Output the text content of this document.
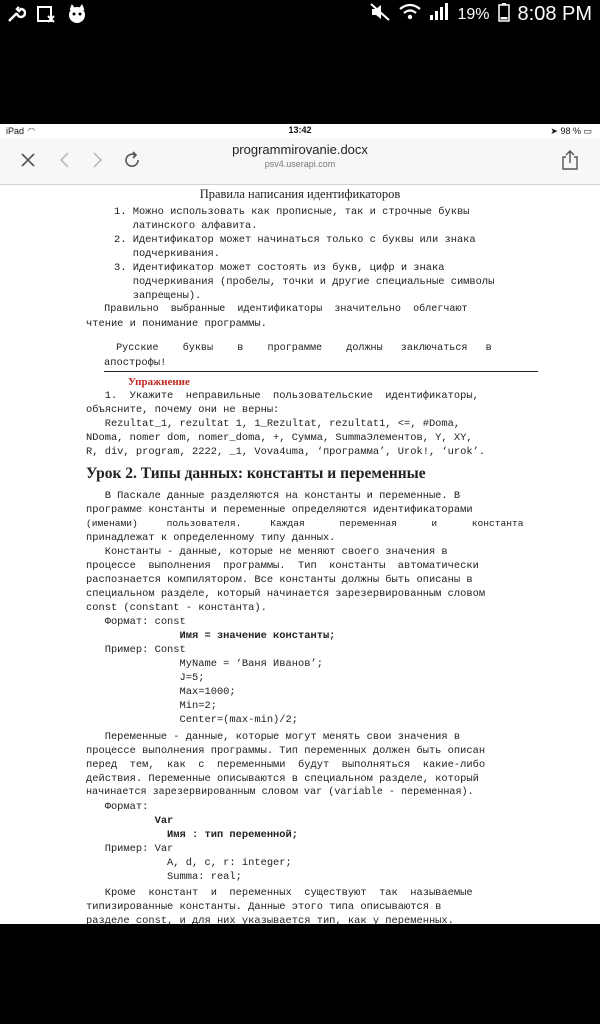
19% 8:08 PM
iPad ◠	13:42	➤ 98 % ▭
programmirovanie.docx
psv4.userapi.com
Правила написания идентификаторов
1. Можно использовать как прописные, так и строчные буквы
латинского алфавита.
2. Идентификатор может начинаться только с буквы или знака
подчеркивания.
3. Идентификатор может состоять из букв, цифр и знака
подчеркивания (пробелы, точки и другие специальные символы
запрещены).
Правильно  выбранные  идентификаторы  значительно  облегчают
чтение и понимание программы.
Русские    буквы    в    программе    должны   заключаться   в
апострофы!
Упражнение
1.  Укажите  неправильные  пользовательские  идентификаторы,
объясните, почему они не верны:
Rezultat_1, rezultat 1, 1_Rezultat, rezultat1, <=, #Doma,
NDoma, nomer dom, nomer_doma, +, Сумма, SummaЭлементов, Y, XY,
R, div, program, 2222, _1, Vova4uma, ‘программа’, Urok!, ‘urok’.
Урок 2. Типы данных: константы и переменные
В Паскале данные разделяются на константы и переменные. В
программе константы и переменные определяются идентификаторами
(именами)     пользователя.     Каждая      переменная      и      константа
принадлежат к определенному типу данных.
Константы - данные, которые не меняют своего значения в
процессе  выполнения  программы.  Тип  константы  автоматически
распознается компилятором. Все константы должны быть описаны в
специальном разделе, который начинается зарезервированным словом
const (constant - константа).
Формат: const
Имя = значение константы;
Пример: Const
MyName = ‘Ваня Иванов’;
J=5;
Max=1000;
Min=2;
Center=(max-min)/2;
Переменные - данные, которые могут менять свои значения в
процессе выполнения программы. Тип переменных должен быть описан
перед  тем,  как  с  переменными  будут  выполняться  какие-либо
действия. Переменные описываются в специальном разделе, который
начинается зарезервированным словом var (variable - переменная).
Формат:
Var
Имя : тип переменной;
Пример: Var
A, d, c, r: integer;
Summa: real;
Кроме  констант  и  переменных  существуют  так  называемые
типизированные константы. Данные этого типа описываются в
разделе const, и для них указывается тип, как у переменных.
